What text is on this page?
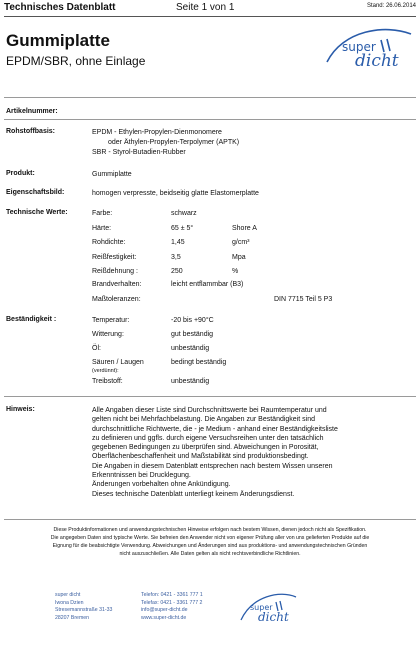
Technisches Datenblatt	Seite 1 von 1	Stand: 26.06.2014
Gummiplatte
EPDM/SBR, ohne Einlage
super
dicht
Artikelnummer:
Rohstoffbasis:	EPDM - Ethylen-Propylen-Dienmonomere
oder Äthylen-Propylen-Terpolymer (APTK)
SBR - Styrol-Butadien-Rubber
Produkt:	Gummiplatte
Eigenschaftsbild:	homogen verpresste, beidseitig glatte Elastomerplatte
Technische Werte:	Farbe:	schwarz
Härte:	65 ± 5°	Shore A
Rohdichte:	1,45	g/cm³
Reißfestigkeit:	3,5	Mpa
Reißdehnung :	250	%
Brandverhalten:	leicht entflammbar (B3)
Maßtoleranzen:	DIN 7715 Teil 5 P3
Beständigkeit :	Temperatur:	-20 bis +90°C
Witterung:	gut beständig
Öl:	unbeständig
Säuren / Laugen	bedingt beständig
(verdünnt):
Treibstoff:	unbeständig
Hinweis:	Alle Angaben dieser Liste sind Durchschnittswerte bei Raumtemperatur und
gelten nicht bei Mehrfachbelastung. Die Angaben zur Beständigkeit sind
durchschnittliche Richtwerte, die - je Medium - anhand einer Beständigkeitsliste
zu definieren und ggfls. durch eigene Versuchsreihen unter den tatsächlich
gegebenen Bedingungen zu überprüfen sind. Abweichungen in Porosität,
Oberflächenbeschaffenheit und Maßstabilität sind produktionsbedingt.
Die Angaben in diesem Datenblatt entsprechen nach bestem Wissen unseren
Erkenntnissen bei Drucklegung.
Änderungen vorbehalten ohne Ankündigung.
Dieses technische Datenblatt unterliegt keinem Änderungsdienst.
Diese Produktinformationen und anwendungstechnischen Hinweise erfolgen nach bestem Wissen, dienen jedoch nicht als Spezifikation.
Die angegeben Daten sind typische Werte. Sie befreien den Anwender nicht von eigener Prüfung aller von uns gelieferten Produkte auf die
Eignung für die beabsichtigte Verwendung. Abweichungen und Änderungen sind aus produktions- und anwendungstechnischen Gründen
nicht auszuschließen. Alle Daten gelten als nicht rechtsverbindliche Richtlinien.
super dicht
Iwona Dzien
Stresemannstraße 31-33
28207 Bremen
Telefon: 0421 - 3361 777 1
Telefax: 0421 - 3361 777 2
info@super-dicht.de
www.super-dicht.de
super
dicht
